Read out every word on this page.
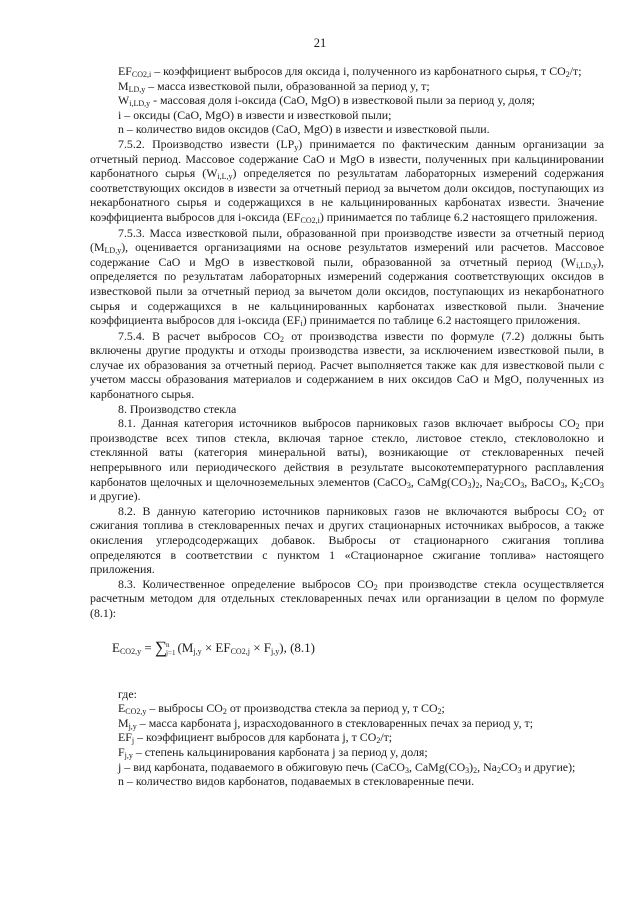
21

$EF_{CO2,i}$ – коэффициент выбросов для оксида i, полученного из карбонатного сырья, т $CO_2/т$;

$M_{LD,y}$ – масса известковой пыли, образованной за период y, т;

$W_{i,LD,y}$ - массовая доля i-оксида (CaO, MgO) в известковой пыли за период y, доля;

i – оксиды (CaO, MgO) в извести и известковой пыли;

n – количество видов оксидов (CaO, MgO) в извести и известковой пыли.

7.5.2. Производство извести $(LP_y)$ принимается по фактическим данным организации за отчетный период. Массовое содержание CaO и MgO в извести, полученных при кальцинировании карбонатного сырья $(W_{i,L,y})$ определяется по результатам лабораторных измерений содержания соответствующих оксидов в извести за отчетный период за вычетом доли оксидов, поступающих из некарбонатного сырья и содержащихся в не кальцинированных карбонатах извести. Значение коэффициента выбросов для i-оксида $(EF_{CO2,i})$ принимается по таблице 6.2 настоящего приложения.

7.5.3. Масса известковой пыли, образованной при производстве извести за отчетный период $(M_{LD,y})$, оценивается организациями на основе результатов измерений или расчетов. Массовое содержание CaO и MgO в известковой пыли, образованной за отчетный период $(W_{i,LD,y})$, определяется по результатам лабораторных измерений содержания соответствующих оксидов в известковой пыли за отчетный период за вычетом доли оксидов, поступающих из некарбонатного сырья и содержащихся в не кальцинированных карбонатах известковой пыли. Значение коэффициента выбросов для i-оксида $(EF_i)$ принимается по таблице 6.2 настоящего приложения.

7.5.4. В расчет выбросов $CO_2$ от производства извести по формуле (7.2) должны быть включены другие продукты и отходы производства извести, за исключением известковой пыли, в случае их образования за отчетный период. Расчет выполняется также как для известковой пыли с учетом массы образования материалов и содержанием в них оксидов CaO и MgO, полученных из карбонатного сырья.

8. Производство стекла

8.1. Данная категория источников выбросов парниковых газов включает выбросы $CO_2$ при производстве всех типов стекла, включая тарное стекло, листовое стекло, стекловолокно и стеклянной ваты (категория минеральной ваты), возникающие от стекловаренных печей непрерывного или периодического действия в результате высокотемпературного расплавления карбонатов щелочных и щелочноземельных элементов (CaCO$_3$, $CaMg(CO_3)_2$, $Na_2CO_3$, BaCO$_3$, $K_2CO_3$ и другие).

8.2. В данную категорию источников парниковых газов не включаются выбросы $CO_2$ от сжигания топлива в стекловаренных печах и других стационарных источниках выбросов, а также окисления углеродсодержащих добавок. Выбросы от стационарного сжигания топлива определяются в соответствии с пунктом 1 «Стационарное сжигание топлива» настоящего приложения.

8.3. Количественное определение выбросов $CO_2$ при производстве стекла осуществляется расчетным методом для отдельных стекловаренных печах или организации в целом по формуле (8.1):

$E_{CO2,y} = \sum n$
j=1 $(M_{j,y} \times EF_{CO2,j} \times F_{j,y})$, (8.1)
где:

$E_{CO2,y}$ – выбросы $CO_2$ от производства стекла за период y, т $CO_2$;

$M_{j,y}$ – масса карбоната j, израсходованного в стекловаренных печах за период y, т;

$EF_j$ – коэффициент выбросов для карбоната j, т $CO_2/т$;

$F_{j,y}$ – степень кальцинирования карбоната j за период y, доля;

j – вид карбоната, подаваемого в обжиговую печь (CaCO$_3$, $CaMg(CO_3)_2$, $Na_2CO_3$ и другие);

n – количество видов карбонатов, подаваемых в стекловаренные печи.
